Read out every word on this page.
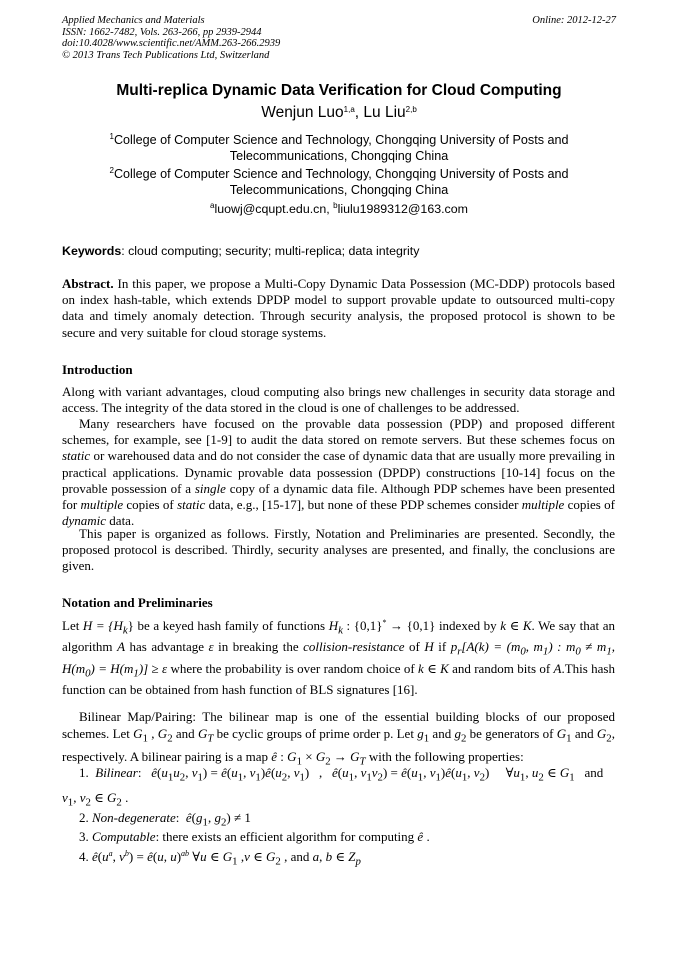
Applied Mechanics and Materials
ISSN: 1662-7482, Vols. 263-266, pp 2939-2944
doi:10.4028/www.scientific.net/AMM.263-266.2939
© 2013 Trans Tech Publications Ltd, Switzerland
Online: 2012-12-27
Multi-replica Dynamic Data Verification for Cloud Computing
Wenjun Luo$^{1,a}$, Lu Liu$^{2,b}$
$^1$College of Computer Science and Technology, Chongqing University of Posts and
Telecommunications, Chongqing China
$^2$College of Computer Science and Technology, Chongqing University of Posts and
Telecommunications, Chongqing China
$^a$luowj@cqupt.edu.cn, $^b$liulu1989312@163.com
Keywords: cloud computing; security; multi-replica; data integrity
Abstract. In this paper, we propose a Multi-Copy Dynamic Data Possession (MC-DDP) protocols based on index hash-table, which extends DPDP model to support provable update to outsourced multi-copy data and timely anomaly detection. Through security analysis, the proposed protocol is shown to be secure and very suitable for cloud storage systems.
Introduction
Along with variant advantages, cloud computing also brings new challenges in security data storage and access. The integrity of the data stored in the cloud is one of challenges to be addressed.
Many researchers have focused on the provable data possession (PDP) and proposed different schemes, for example, see [1-9] to audit the data stored on remote servers. But these schemes focus on static or warehoused data and do not consider the case of dynamic data that are usually more prevailing in practical applications. Dynamic provable data possession (DPDP) constructions [10-14] focus on the provable possession of a single copy of a dynamic data file. Although PDP schemes have been presented for multiple copies of static data, e.g., [15-17], but none of these PDP schemes consider multiple copies of dynamic data.
This paper is organized as follows. Firstly, Notation and Preliminaries are presented. Secondly, the proposed protocol is described. Thirdly, security analyses are presented, and finally, the conclusions are given.
Notation and Preliminaries
Let $H = \{H_k\}$ be a keyed hash family of functions $H_k$ : {0,1}* → {0,1} indexed by k ∈ K. We say that an algorithm A has advantage ε in breaking the collision-resistance of H if $p_r[A(k) = (m_0$, $m_1$) : $m_0 \ne m_1$, $H(m_0) = H(m_1)] \ge \varepsilon$ where the probability is over random choice of k ∈ K and random bits of A.This hash function can be obtained from hash function of BLS signatures [16].
Bilinear Map/Pairing: The bilinear map is one of the essential building blocks of our proposed schemes. Let $G_1$ , $G_2$ and $G_T$ be cyclic groups of prime order p. Let $g_1$ and $g_2$ be generators of $G_1$ and $G_2$, respectively. A bilinear pairing is a map ê : $G_1 \times G_2 \to G_T$ with the following properties:
1. Bilinear: $ê(u_1u_2$, $v_1$) = $ê(u_1$, $v_1)ê(u_2$, $v_1$)   ,   $ê(u_1$, $v_1v_2$) = $ê(u_1$, $v_1)ê(u_1$, $v_2$)     $\forall u_1$, $u_2$ ∈ $G_1$ and
$v_1$, $v_2$ ∈ $G_2$ .
2. Non-degenerate: $ê(g_1$, $g_2) \ne 1$
3. Computable: there exists an efficient algorithm for computing ê .
4. $ê(u^a$, $v^b$) = ê(u, u)$^{ab}$ ∀u ∈ $G_1$ ,v ∈ $G_2$ , and a, b ∈ $Z_p$
